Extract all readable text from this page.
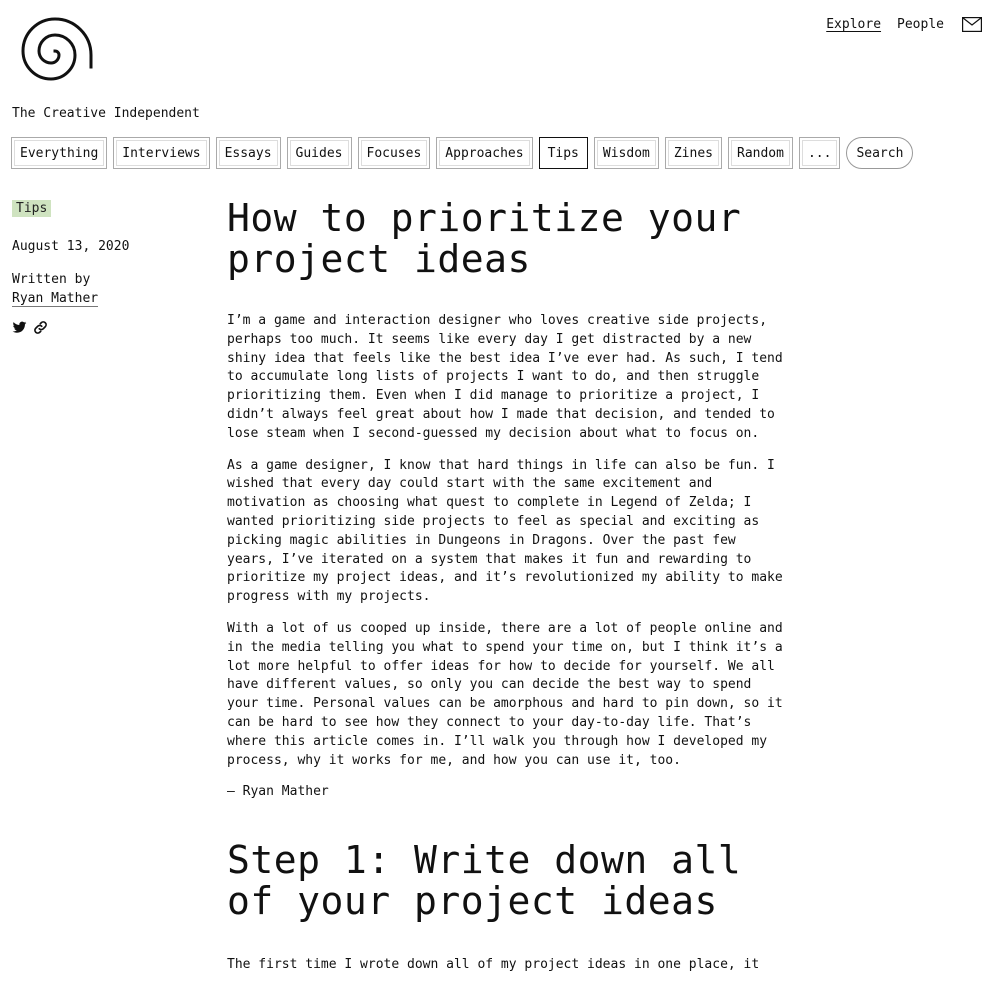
The Creative Independent
Explore People
Everything	Interviews	Essays	Guides	Focuses	Approaches	Tips	Wisdom	Zines	Random	...	Search
Tips
August 13, 2020
Written by
Ryan Mather
How to prioritize your project ideas

I’m a game and interaction designer who loves creative side projects, perhaps too much. It seems like every day I get distracted by a new shiny idea that feels like the best idea I’ve ever had. As such, I tend to accumulate long lists of projects I want to do, and then struggle prioritizing them. Even when I did manage to prioritize a project, I didn’t always feel great about how I made that decision, and tended to lose steam when I second-guessed my decision about what to focus on.

As a game designer, I know that hard things in life can also be fun. I wished that every day could start with the same excitement and motivation as choosing what quest to complete in Legend of Zelda; I wanted prioritizing side projects to feel as special and exciting as picking magic abilities in Dungeons in Dragons. Over the past few years, I’ve iterated on a system that makes it fun and rewarding to prioritize my project ideas, and it’s revolutionized my ability to make progress with my projects.

With a lot of us cooped up inside, there are a lot of people online and in the media telling you what to spend your time on, but I think it’s a lot more helpful to offer ideas for how to decide for yourself. We all have different values, so only you can decide the best way to spend your time. Personal values can be amorphous and hard to pin down, so it can be hard to see how they connect to your day-to-day life. That’s where this article comes in. I’ll walk you through how I developed my process, why it works for me, and how you can use it, too.

— Ryan Mather

Step 1: Write down all of your project ideas

The first time I wrote down all of my project ideas in one place, it
